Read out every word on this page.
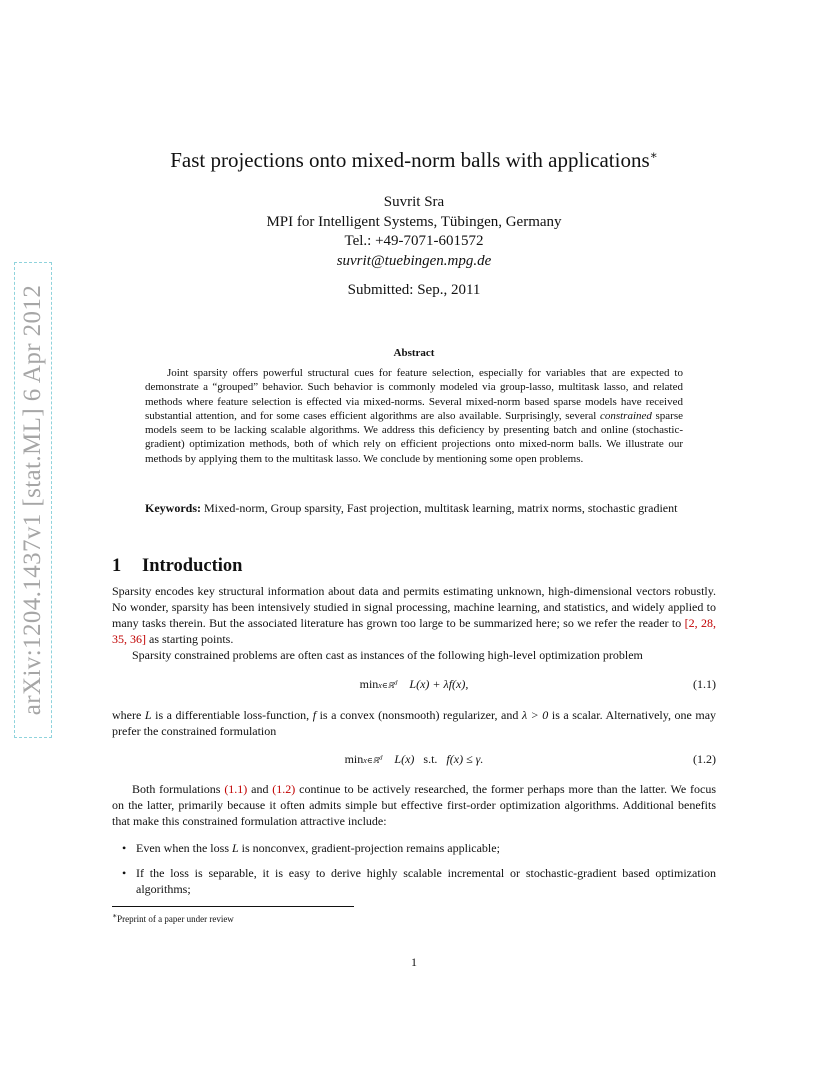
arXiv:1204.1437v1 [stat.ML] 6 Apr 2012
Fast projections onto mixed-norm balls with applications∗
Suvrit Sra
MPI for Intelligent Systems, Tübingen, Germany
Tel.: +49-7071-601572
suvrit@tuebingen.mpg.de
Submitted: Sep., 2011
Abstract

Joint sparsity offers powerful structural cues for feature selection, especially for variables that are expected to demonstrate a “grouped” behavior. Such behavior is commonly modeled via group-lasso, multitask lasso, and related methods where feature selection is effected via mixed-norms. Several mixed-norm based sparse models have received substantial attention, and for some cases efficient algorithms are also available. Surprisingly, several constrained sparse models seem to be lacking scalable algorithms. We address this deficiency by presenting batch and online (stochastic-gradient) optimization methods, both of which rely on efficient projections onto mixed-norm balls. We illustrate our methods by applying them to the multitask lasso. We conclude by mentioning some open problems.

Keywords: Mixed-norm, Group sparsity, Fast projection, multitask learning, matrix norms, stochastic gradient
1 Introduction

Sparsity encodes key structural information about data and permits estimating unknown, high-dimensional vectors robustly. No wonder, sparsity has been intensively studied in signal processing, machine learning, and statistics, and widely applied to many tasks therein. But the associated literature has grown too large to be summarized here; so we refer the reader to [2, 28, 35, 36] as starting points.

Sparsity constrained problems are often cast as instances of the following high-level optimization problem

minx∈ℝ$^d$ L(x) + λf(x),	(1.1)

where L is a differentiable loss-function, f is a convex (nonsmooth) regularizer, and λ > 0 is a scalar. Alternatively, one may prefer the constrained formulation

minx∈ℝ$^d$ L(x) s.t. f(x) ≤ γ.	(1.2)

Both formulations (1.1) and (1.2) continue to be actively researched, the former perhaps more than the latter. We focus on the latter, primarily because it often admits simple but effective first-order optimization algorithms. Additional benefits that make this constrained formulation attractive include:

• Even when the loss L is nonconvex, gradient-projection remains applicable;
• If the loss is separable, it is easy to derive highly scalable incremental or stochastic-gradient based optimization algorithms;
∗Preprint of a paper under review
1
